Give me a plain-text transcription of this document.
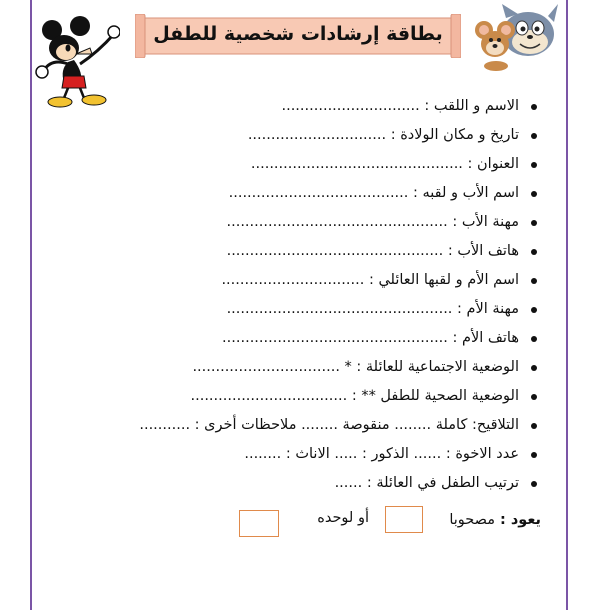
بطاقة إرشادات شخصية للطفل
الاسم و اللقب : ..............................
تاريخ و مكان الولادة : ..............................
العنوان : ..............................................
اسم الأب و لقبه : .......................................
مهنة الأب : ................................................
هاتف الأب : ...............................................
اسم الأم و لقبها العائلي : ...............................
مهنة الأم : .................................................
هاتف الأم : .................................................
الوضعية الاجتماعية للعائلة : * ................................
الوضعية الصحية للطفل ** : ..................................
التلاقيح: كاملة ........ منقوصة ........ ملاحظات أخرى : ...........
عدد الاخوة : ...... الذكور : ..... الاناث : ........
ترتيب الطفل في العائلة : ......
يعود :
مصحوبا
أو لوحده
